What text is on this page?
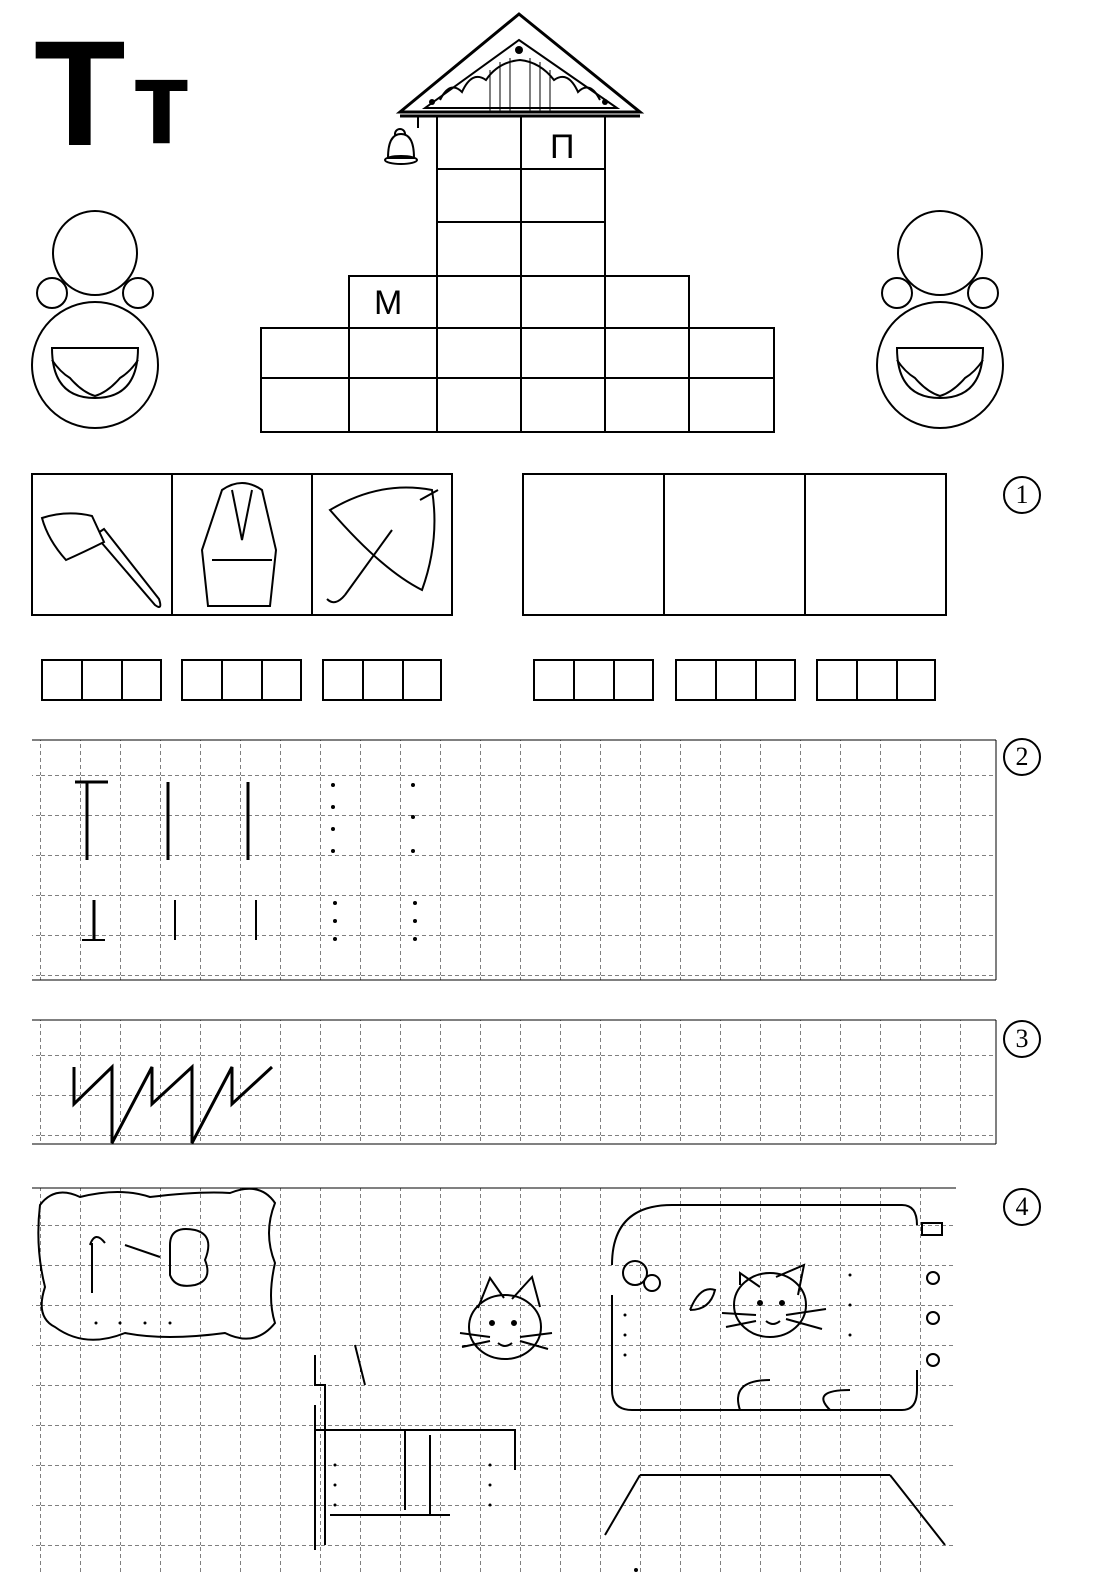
Т т	П
М
1
2
3
4
